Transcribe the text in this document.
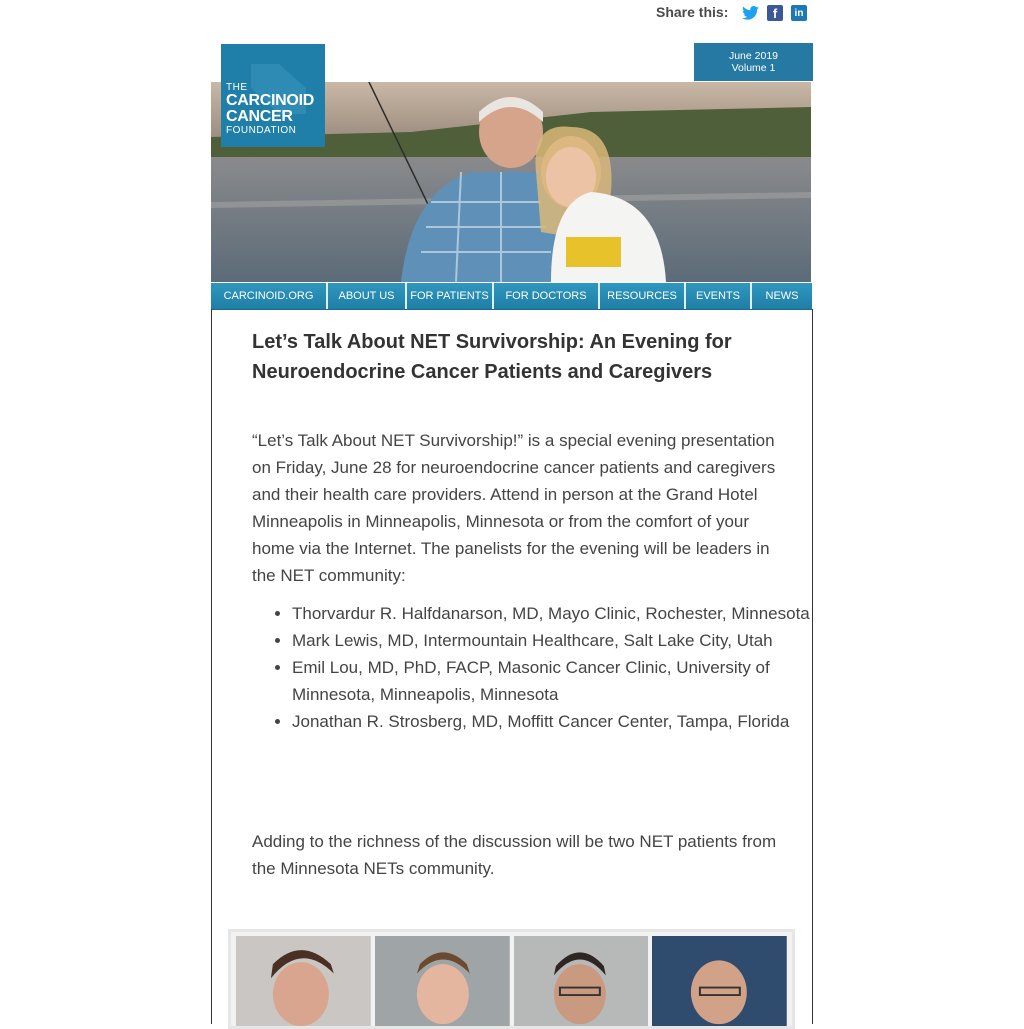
Share this:	f	in
June 2019
Volume 1
THE
CARCINOID
CANCER
FOUNDATION
CARCINOID.ORG	ABOUT US	FOR PATIENTS	FOR DOCTORS	RESOURCES	EVENTS	NEWS
Let’s Talk About NET Survivorship: An Evening for Neuroendocrine Cancer Patients and Caregivers

“Let’s Talk About NET Survivorship!” is a special evening presentation on Friday, June 28 for neuroendocrine cancer patients and caregivers and their health care providers. Attend in person at the Grand Hotel Minneapolis in Minneapolis, Minnesota or from the comfort of your home via the Internet. The panelists for the evening will be leaders in the NET community:

• Thorvardur R. Halfdanarson, MD, Mayo Clinic, Rochester, Minnesota
• Mark Lewis, MD, Intermountain Healthcare, Salt Lake City, Utah
• Emil Lou, MD, PhD, FACP, Masonic Cancer Clinic, University of Minnesota, Minneapolis, Minnesota
• Jonathan R. Strosberg, MD, Moffitt Cancer Center, Tampa, Florida

Adding to the richness of the discussion will be two NET patients from the Minnesota NETs community.
